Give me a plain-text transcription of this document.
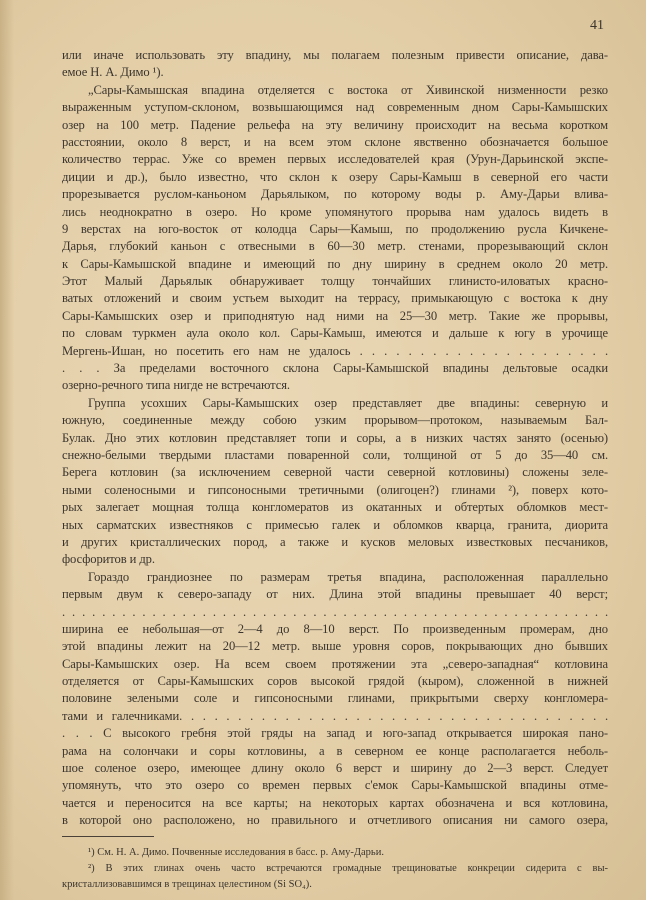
41
или иначе использовать эту впадину, мы полагаем полезным привести описание, дава-
емое Н. А. Димо ¹).
„Сары-Камышская впадина отделяется с востока от Хивинской низменности резко
выраженным уступом-склоном, возвышающимся над современным дном Сары-Камышских
озер на 100 метр. Падение рельефа на эту величину происходит на весьма коротком
расстоянии, около 8 верст, и на всем этом склоне явственно обозначается большое
количество террас. Уже со времен первых исследователей края (Урун-Дарьинской экспе-
диции и др.), было известно, что склон к озеру Сары-Камыш в северной его части
прорезывается руслом-каньоном Дарьялыком, по которому воды р. Аму-Дарьи влива-
лись неоднократно в озеро. Но кроме упомянутого прорыва нам удалось видеть в
9 верстах на юго-восток от колодца Сары—Камыш, по продолжению русла Кичкене-
Дарья, глубокий каньон с отвесными в 60—30 метр. стенами, прорезывающий склон
к Сары-Камышской впадине и имеющий по дну ширину в среднем около 20 метр.
Этот Малый Дарьялык обнаруживает толщу тончайших глинисто-иловатых красно-
ватых отложений и своим устьем выходит на террасу, примыкающую с востока к дну
Сары-Камышских озер и приподнятую над ними на 25—30 метр. Такие же прорывы,
по словам туркмен аула около кол. Сары-Камыш, имеются и дальше к югу в урочище
Мергень-Ишан, но посетить его нам не удалось . . . . . . . . . . . . . . . . . . . . .
. . . За пределами восточного склона Сары-Камышской впадины дельтовые осадки
озерно-речного типа нигде не встречаются.
Группа усохших Сары-Камышских озер представляет две впадины: северную и
южную, соединенные между собою узким прорывом—протоком, называемым Бал-
Булак. Дно этих котловин представляет топи и соры, а в низких частях занято (осенью)
снежно-белыми твердыми пластами поваренной соли, толщиной от 5 до 35—40 см.
Берега котловин (за исключением северной части северной котловины) сложены зеле-
ными соленосными и гипсоносными третичными (олигоцен?) глинами ²), поверх кото-
рых залегает мощная толща конгломератов из окатанных и обтертых обломков мест-
ных сарматских известняков с примесью галек и обломков кварца, гранита, диорита
и других кристаллических пород, а также и кусков меловых известковых песчаников,
фосфоритов и др.
Гораздо грандиознее по размерам третья впадина, расположенная параллельно
первым двум к северо-западу от них. Длина этой впадины превышает 40 верст;
. . . . . . . . . . . . . . . . . . . . . . . . . . . . . . . . . . . . . . . . . . . . . . . . . . . . . . .
ширина ее небольшая—от 2—4 до 8—10 верст. По произведенным промерам, дно
этой впадины лежит на 20—12 метр. выше уровня соров, покрывающих дно бывших
Сары-Камышских озер. На всем своем протяжении эта „северо-западная“ котловина
отделяется от Сары-Камышских соров высокой грядой (кыром), сложенной в нижней
половине зелеными соле и гипсоносными глинами, прикрытыми сверху конгломера-
тами и галечниками. . . . . . . . . . . . . . . . . . . . . . . . . . . . . . . . . . . . .
. . . С высокого гребня этой гряды на запад и юго-запад открывается широкая пано-
рама на солончаки и соры котловины, а в северном ее конце располагается неболь-
шое соленое озеро, имеющее длину около 6 верст и ширину до 2—3 верст. Следует
упомянуть, что это озеро со времен первых с'емок Сары-Камышской впадины отме-
чается и переносится на все карты; на некоторых картах обозначена и вся котловина,
в которой оно расположено, но правильного и отчетливого описания ни самого озера,
¹) См. Н. А. Димо. Почвенные исследования в басс. р. Аму-Дарьи.
²) В этих глинах очень часто встречаются громадные трещиноватые конкреции сидерита с вы-
кристаллизовавшимся в трещинах целестином (Si SO₄).
